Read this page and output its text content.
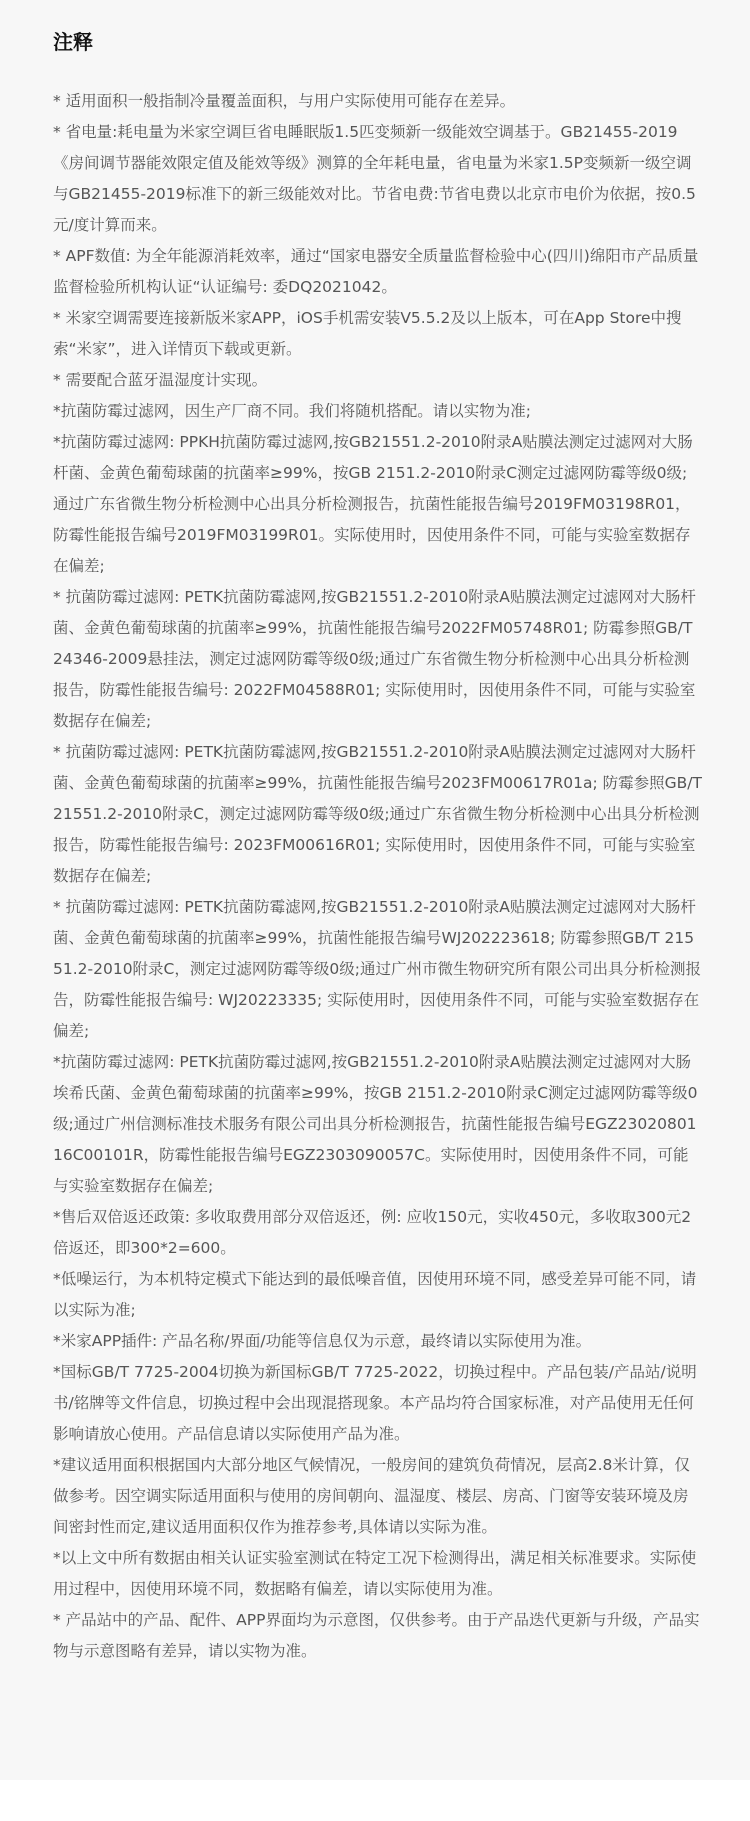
注释

* 适用面积一般指制冷量覆盖面积，与用户实际使用可能存在差异。

* 省电量:耗电量为米家空调巨省电睡眠版1.5匹变频新一级能效空调基于。GB21455-2019《房间调节器能效限定值及能效等级》测算的全年耗电量，省电量为米家1.5P变频新一级空调与GB21455-2019标准下的新三级能效对比。节省电费:节省电费以北京市电价为依据，按0.5元/度计算而来。

* APF数值: 为全年能源消耗效率，通过“国家电器安全质量监督检验中心(四川)绵阳市产品质量监督检验所机构认证“认证编号: 委DQ2021042。

* 米家空调需要连接新版米家APP，iOS手机需安装V5.5.2及以上版本，可在App Store中搜索“米家”，进入详情页下载或更新。

* 需要配合蓝牙温湿度计实现。

*抗菌防霉过滤网，因生产厂商不同。我们将随机搭配。请以实物为准;

*抗菌防霉过滤网: PPKH抗菌防霉过滤网,按GB21551.2-2010附录A贴膜法测定过滤网对大肠杆菌、金黄色葡萄球菌的抗菌率≥99%，按GB 2151.2-2010附录C测定过滤网防霉等级0级;通过广东省微生物分析检测中心出具分析检测报告，抗菌性能报告编号2019FM03198R01，防霉性能报告编号2019FM03199R01。实际使用时，因使用条件不同，可能与实验室数据存在偏差;

* 抗菌防霉过滤网: PETK抗菌防霉滤网,按GB21551.2-2010附录A贴膜法测定过滤网对大肠杆菌、金黄色葡萄球菌的抗菌率≥99%，抗菌性能报告编号2022FM05748R01; 防霉参照GB/T 24346-2009悬挂法，测定过滤网防霉等级0级;通过广东省微生物分析检测中心出具分析检测报告，防霉性能报告编号: 2022FM04588R01; 实际使用时，因使用条件不同，可能与实验室数据存在偏差;

* 抗菌防霉过滤网: PETK抗菌防霉滤网,按GB21551.2-2010附录A贴膜法测定过滤网对大肠杆菌、金黄色葡萄球菌的抗菌率≥99%，抗菌性能报告编号2023FM00617R01a; 防霉参照GB/T 21551.2-2010附录C，测定过滤网防霉等级0级;通过广东省微生物分析检测中心出具分析检测报告，防霉性能报告编号: 2023FM00616R01; 实际使用时，因使用条件不同，可能与实验室数据存在偏差;

* 抗菌防霉过滤网: PETK抗菌防霉滤网,按GB21551.2-2010附录A贴膜法测定过滤网对大肠杆菌、金黄色葡萄球菌的抗菌率≥99%，抗菌性能报告编号WJ202223618; 防霉参照GB/T 21551.2-2010附录C，测定过滤网防霉等级0级;通过广州市微生物研究所有限公司出具分析检测报告，防霉性能报告编号: WJ20223335; 实际使用时，因使用条件不同，可能与实验室数据存在偏差;

*抗菌防霉过滤网: PETK抗菌防霉过滤网,按GB21551.2-2010附录A贴膜法测定过滤网对大肠埃希氏菌、金黄色葡萄球菌的抗菌率≥99%，按GB 2151.2-2010附录C测定过滤网防霉等级0级;通过广州信测标准技术服务有限公司出具分析检测报告，抗菌性能报告编号EGZ2302080116C00101R，防霉性能报告编号EGZ2303090057C。实际使用时，因使用条件不同，可能与实验室数据存在偏差;

*售后双倍返还政策: 多收取费用部分双倍返还，例: 应收150元，实收450元，多收取300元2倍返还，即300*2=600。

*低噪运行，为本机特定模式下能达到的最低噪音值，因使用环境不同，感受差异可能不同，请以实际为准;

*米家APP插件: 产品名称/界面/功能等信息仅为示意，最终请以实际使用为准。

*国标GB/T 7725-2004切换为新国标GB/T 7725-2022，切换过程中。产品包装/产品站/说明书/铭牌等文件信息，切换过程中会出现混搭现象。本产品均符合国家标准，对产品使用无任何影响请放心使用。产品信息请以实际使用产品为准。

*建议适用面积根据国内大部分地区气候情况，一般房间的建筑负荷情况，层高2.8米计算，仅做参考。因空调实际适用面积与使用的房间朝向、温湿度、楼层、房高、门窗等安装环境及房间密封性而定,建议适用面积仅作为推荐参考,具体请以实际为准。

*以上文中所有数据由相关认证实验室测试在特定工况下检测得出，满足相关标准要求。实际使用过程中，因使用环境不同，数据略有偏差，请以实际使用为准。

* 产品站中的产品、配件、APP界面均为示意图，仅供参考。由于产品迭代更新与升级，产品实物与示意图略有差异，请以实物为准。
